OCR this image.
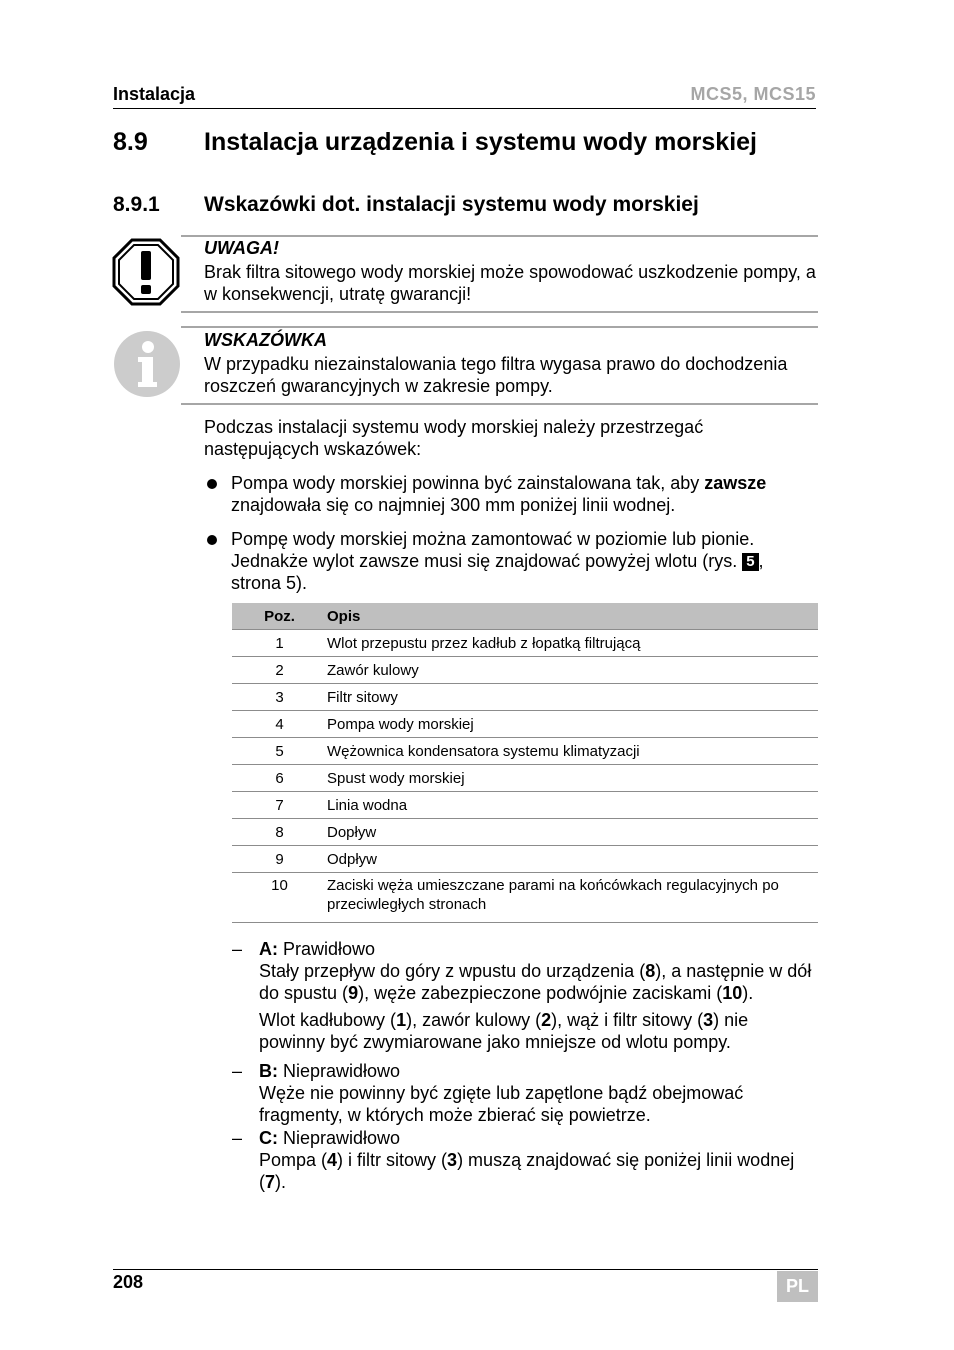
Instalacja	MCS5, MCS15
8.9 Instalacja urządzenia i systemu wody morskiej
8.9.1 Wskazówki dot. instalacji systemu wody morskiej
UWAGA!
Brak filtra sitowego wody morskiej może spowodować uszkodzenie pompy, a w konsekwencji, utratę gwarancji!
WSKAZÓWKA
W przypadku niezainstalowania tego filtra wygasa prawo do dochodzenia roszczeń gwarancyjnych w zakresie pompy.
Podczas instalacji systemu wody morskiej należy przestrzegać następujących wskazówek:
Pompa wody morskiej powinna być zainstalowana tak, aby zawsze znajdowała się co najmniej 300 mm poniżej linii wodnej.
Pompę wody morskiej można zamontować w poziomie lub pionie. Jednakże wylot zawsze musi się znajdować powyżej wlotu (rys. 5 , strona 5).
Poz.	Opis
1	Wlot przepustu przez kadłub z łopatką filtrującą
2	Zawór kulowy
3	Filtr sitowy
4	Pompa wody morskiej
5	Wężownica kondensatora systemu klimatyzacji
6	Spust wody morskiej
7	Linia wodna
8	Dopływ
9	Odpływ
10	Zaciski węża umieszczane parami na końcówkach regulacyjnych po przeciwległych stronach
– A: Prawidłowo
Stały przepływ do góry z wpustu do urządzenia (8), a następnie w dół do spustu (9), węże zabezpieczone podwójnie zaciskami (10).
Wlot kadłubowy (1), zawór kulowy (2), wąż i filtr sitowy (3) nie powinny być zwymiarowane jako mniejsze od wlotu pompy.
– B: Nieprawidłowo
Węże nie powinny być zgięte lub zapętlone bądź obejmować fragmenty, w których może zbierać się powietrze.
– C: Nieprawidłowo
Pompa (4) i filtr sitowy (3) muszą znajdować się poniżej linii wodnej (7).
208	PL
